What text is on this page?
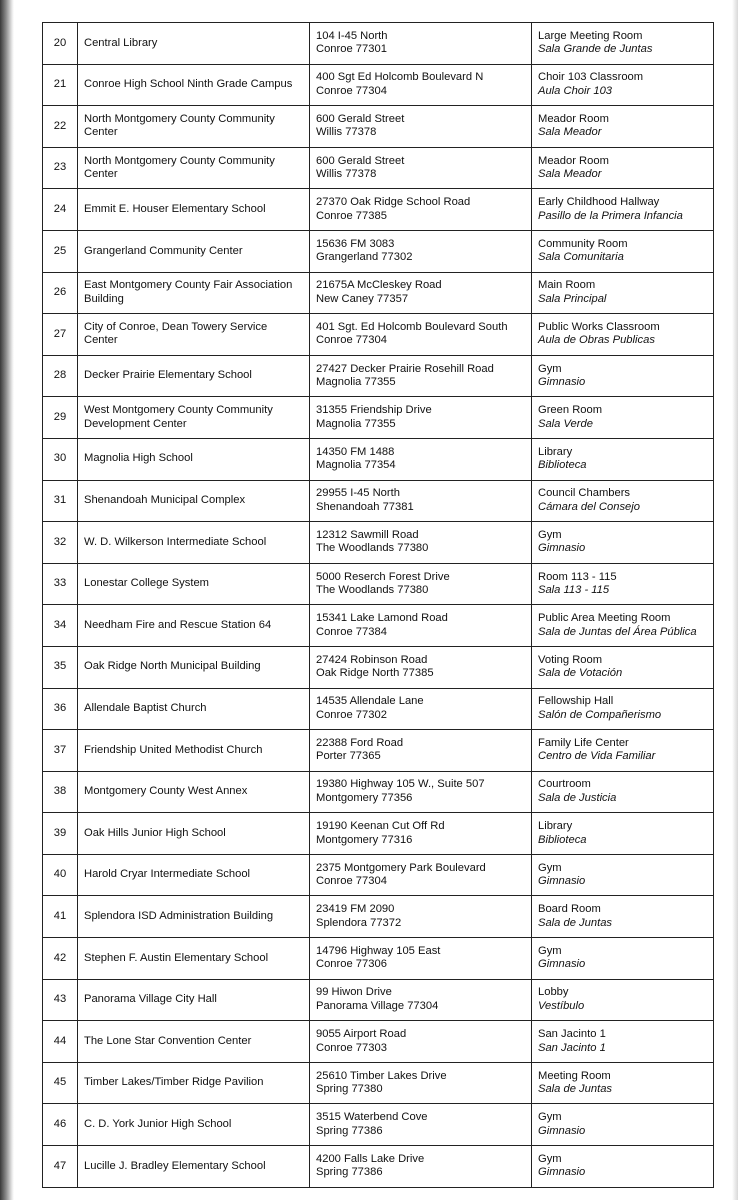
20	Central Library	104 I-45 North
Conroe 77301	Large Meeting Room
Sala Grande de Juntas

21	Conroe High School Ninth Grade Campus	400 Sgt Ed Holcomb Boulevard N
Conroe 77304	Choir 103 Classroom
Aula Choir 103

22	North Montgomery County Community Center	600 Gerald Street
Willis 77378	Meador Room
Sala Meador

23	North Montgomery County Community Center	600 Gerald Street
Willis 77378	Meador Room
Sala Meador

24	Emmit E. Houser Elementary School	27370 Oak Ridge School Road
Conroe 77385	Early Childhood Hallway
Pasillo de la Primera Infancia

25	Grangerland Community Center	15636 FM 3083
Grangerland 77302	Community Room
Sala Comunitaria

26	East Montgomery County Fair Association Building	21675A McCleskey Road
New Caney 77357	Main Room
Sala Principal

27	City of Conroe, Dean Towery Service Center	401 Sgt. Ed Holcomb Boulevard South
Conroe 77304	Public Works Classroom
Aula de Obras Publicas

28	Decker Prairie Elementary School	27427 Decker Prairie Rosehill Road
Magnolia 77355	Gym
Gimnasio

29	West Montgomery County Community Development Center	31355 Friendship Drive
Magnolia 77355	Green Room
Sala Verde

30	Magnolia High School	14350 FM 1488
Magnolia 77354	Library
Biblioteca

31	Shenandoah Municipal Complex	29955 I-45 North
Shenandoah 77381	Council Chambers
Cámara del Consejo

32	W. D. Wilkerson Intermediate School	12312 Sawmill Road
The Woodlands 77380	Gym
Gimnasio

33	Lonestar College System	5000 Reserch Forest Drive
The Woodlands 77380	Room 113 - 115
Sala 113 - 115

34	Needham Fire and Rescue Station 64	15341 Lake Lamond Road
Conroe 77384	Public Area Meeting Room
Sala de Juntas del Área Pública

35	Oak Ridge North Municipal Building	27424 Robinson Road
Oak Ridge North 77385	Voting Room
Sala de Votación

36	Allendale Baptist Church	14535 Allendale Lane
Conroe 77302	Fellowship Hall
Salón de Compañerismo

37	Friendship United Methodist Church	22388 Ford Road
Porter 77365	Family Life Center
Centro de Vida Familiar

38	Montgomery County West Annex	19380 Highway 105 W., Suite 507
Montgomery 77356	Courtroom
Sala de Justicia

39	Oak Hills Junior High School	19190 Keenan Cut Off Rd
Montgomery 77316	Library
Biblioteca

40	Harold Cryar Intermediate School	2375 Montgomery Park Boulevard
Conroe 77304	Gym
Gimnasio

41	Splendora ISD Administration Building	23419 FM 2090
Splendora 77372	Board Room
Sala de Juntas

42	Stephen F. Austin Elementary School	14796 Highway 105 East
Conroe 77306	Gym
Gimnasio

43	Panorama Village City Hall	99 Hiwon Drive
Panorama Village 77304	Lobby
Vestíbulo

44	The Lone Star Convention Center	9055 Airport Road
Conroe 77303	San Jacinto 1
San Jacinto 1

45	Timber Lakes/Timber Ridge Pavilion	25610 Timber Lakes Drive
Spring 77380	Meeting Room
Sala de Juntas

46	C. D. York Junior High School	3515 Waterbend Cove
Spring 77386	Gym
Gimnasio

47	Lucille J. Bradley Elementary School	4200 Falls Lake Drive
Spring 77386	Gym
Gimnasio
